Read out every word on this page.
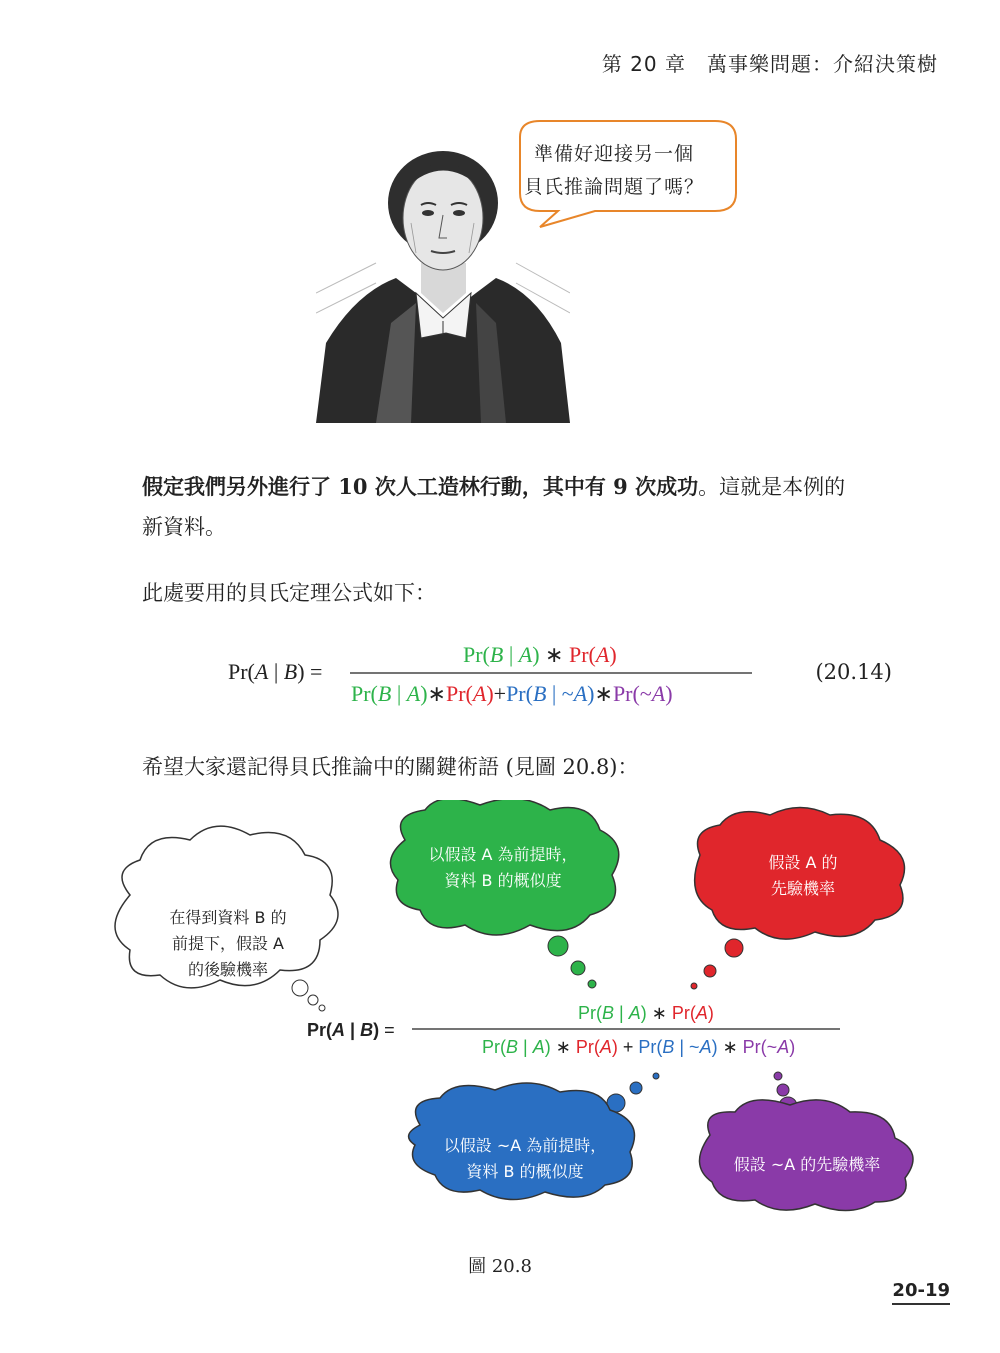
第 20 章　萬事樂問題：介紹決策樹
準備好迎接另一個
貝氏推論問題了嗎？
假定我們另外進行了 10 次人工造林行動，其中有 9 次成功。這就是本例的
新資料。
此處要用的貝氏定理公式如下：
Pr(A | B) =
Pr(B | A) ∗ Pr(A)
Pr(B | A)∗Pr(A)+Pr(B | ~A)∗Pr(~A)
(20.14)
希望大家還記得貝氏推論中的關鍵術語 (見圖 20.8)：
Pr(A | B) =
Pr(B | A) ∗ Pr(A)
Pr(B | A) ∗ Pr(A) + Pr(B | ~A) ∗ Pr(~A)
在得到資料 B 的
前提下，假設 A
的後驗機率
以假設 A 為前提時，
資料 B 的概似度
假設 A 的
先驗機率
以假設 ~A 為前提時，
資料 B 的概似度	假設 ~A 的先驗機率
圖 20.8
20-19
